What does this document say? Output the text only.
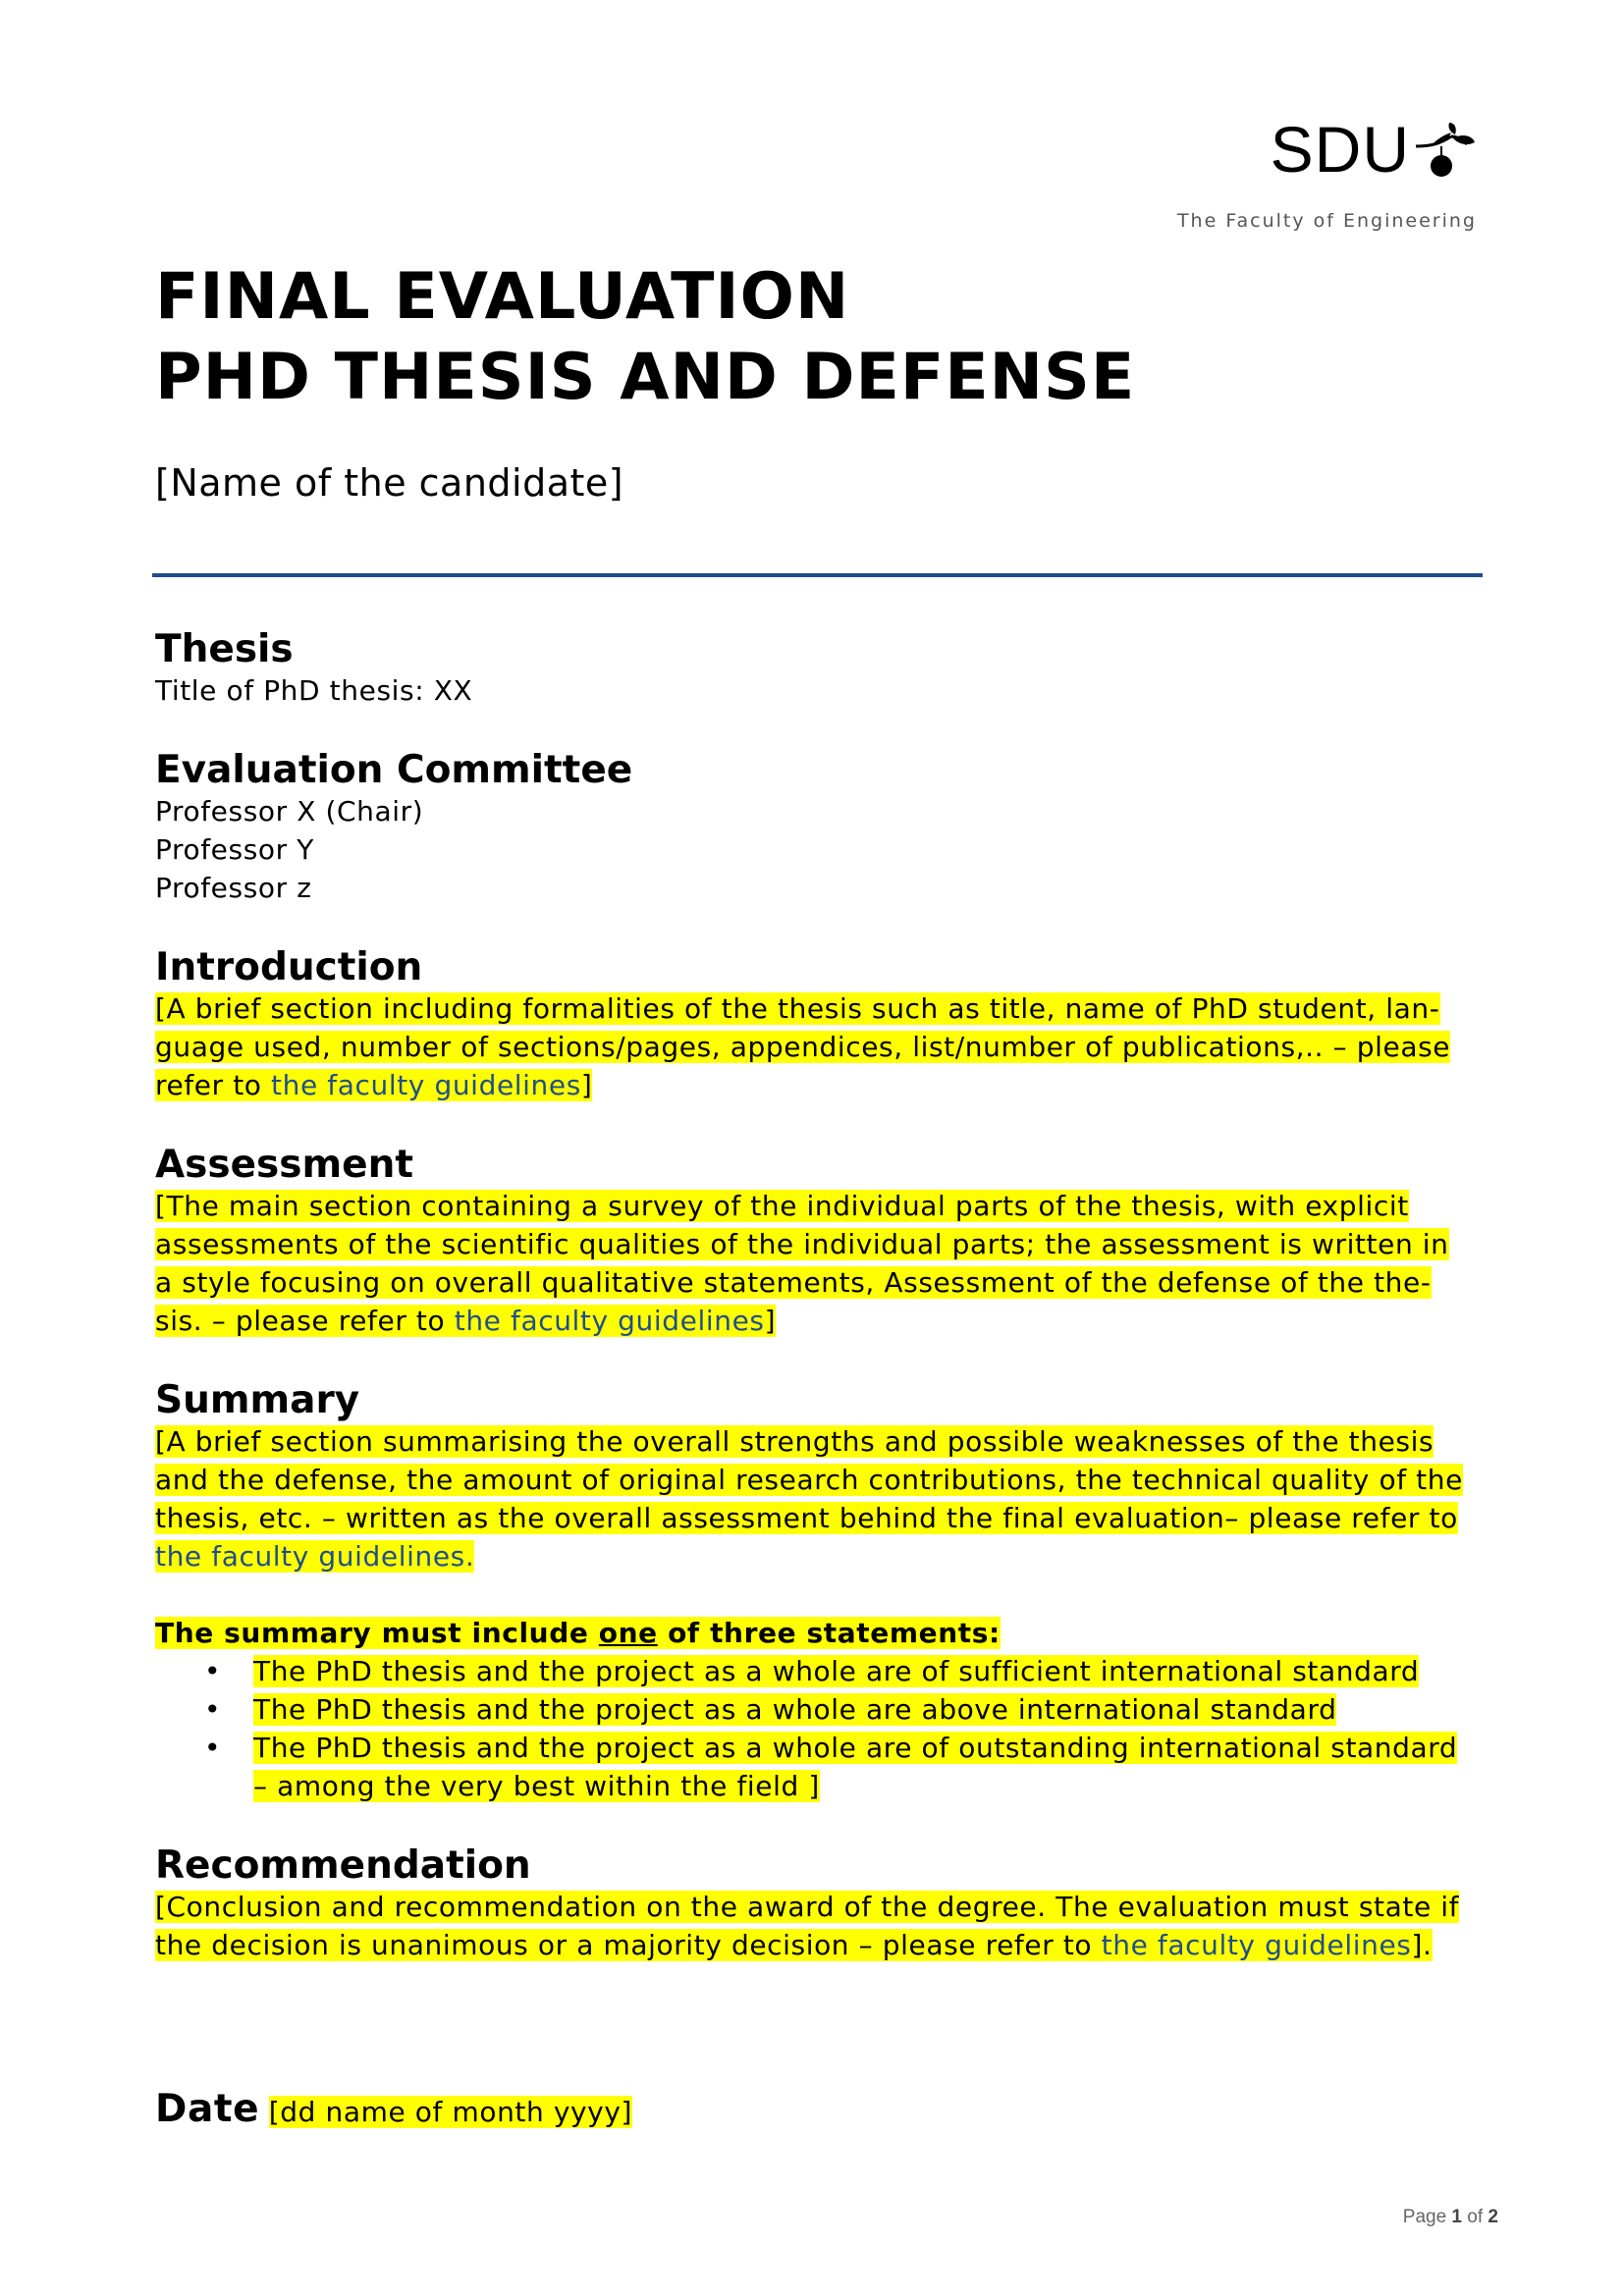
SDU
The Faculty of Engineering
FINAL EVALUATION
PHD THESIS AND DEFENSE
[Name of the candidate]
Thesis
Title of PhD thesis: XX
Evaluation Committee
Professor X (Chair)
Professor Y
Professor z
Introduction
[A brief section including formalities of the thesis such as title, name of PhD student, lan-
guage used, number of sections/pages, appendices, list/number of publications,.. – please
refer to the faculty guidelines]
Assessment
[The main section containing a survey of the individual parts of the thesis, with explicit
assessments of the scientific qualities of the individual parts; the assessment is written in
a style focusing on overall qualitative statements, Assessment of the defense of the the-
sis. – please refer to the faculty guidelines]
Summary
[A brief section summarising the overall strengths and possible weaknesses of the thesis
and the defense, the amount of original research contributions, the technical quality of the
thesis, etc. – written as the overall assessment behind the final evaluation– please refer to
the faculty guidelines.
The summary must include one of three statements:
• The PhD thesis and the project as a whole are of sufficient international standard
• The PhD thesis and the project as a whole are above international standard
• The PhD thesis and the project as a whole are of outstanding international standard
– among the very best within the field ]
Recommendation
[Conclusion and recommendation on the award of the degree. The evaluation must state if
the decision is unanimous or a majority decision – please refer to the faculty guidelines].
Date [dd name of month yyyy]
Page 1 of 2
